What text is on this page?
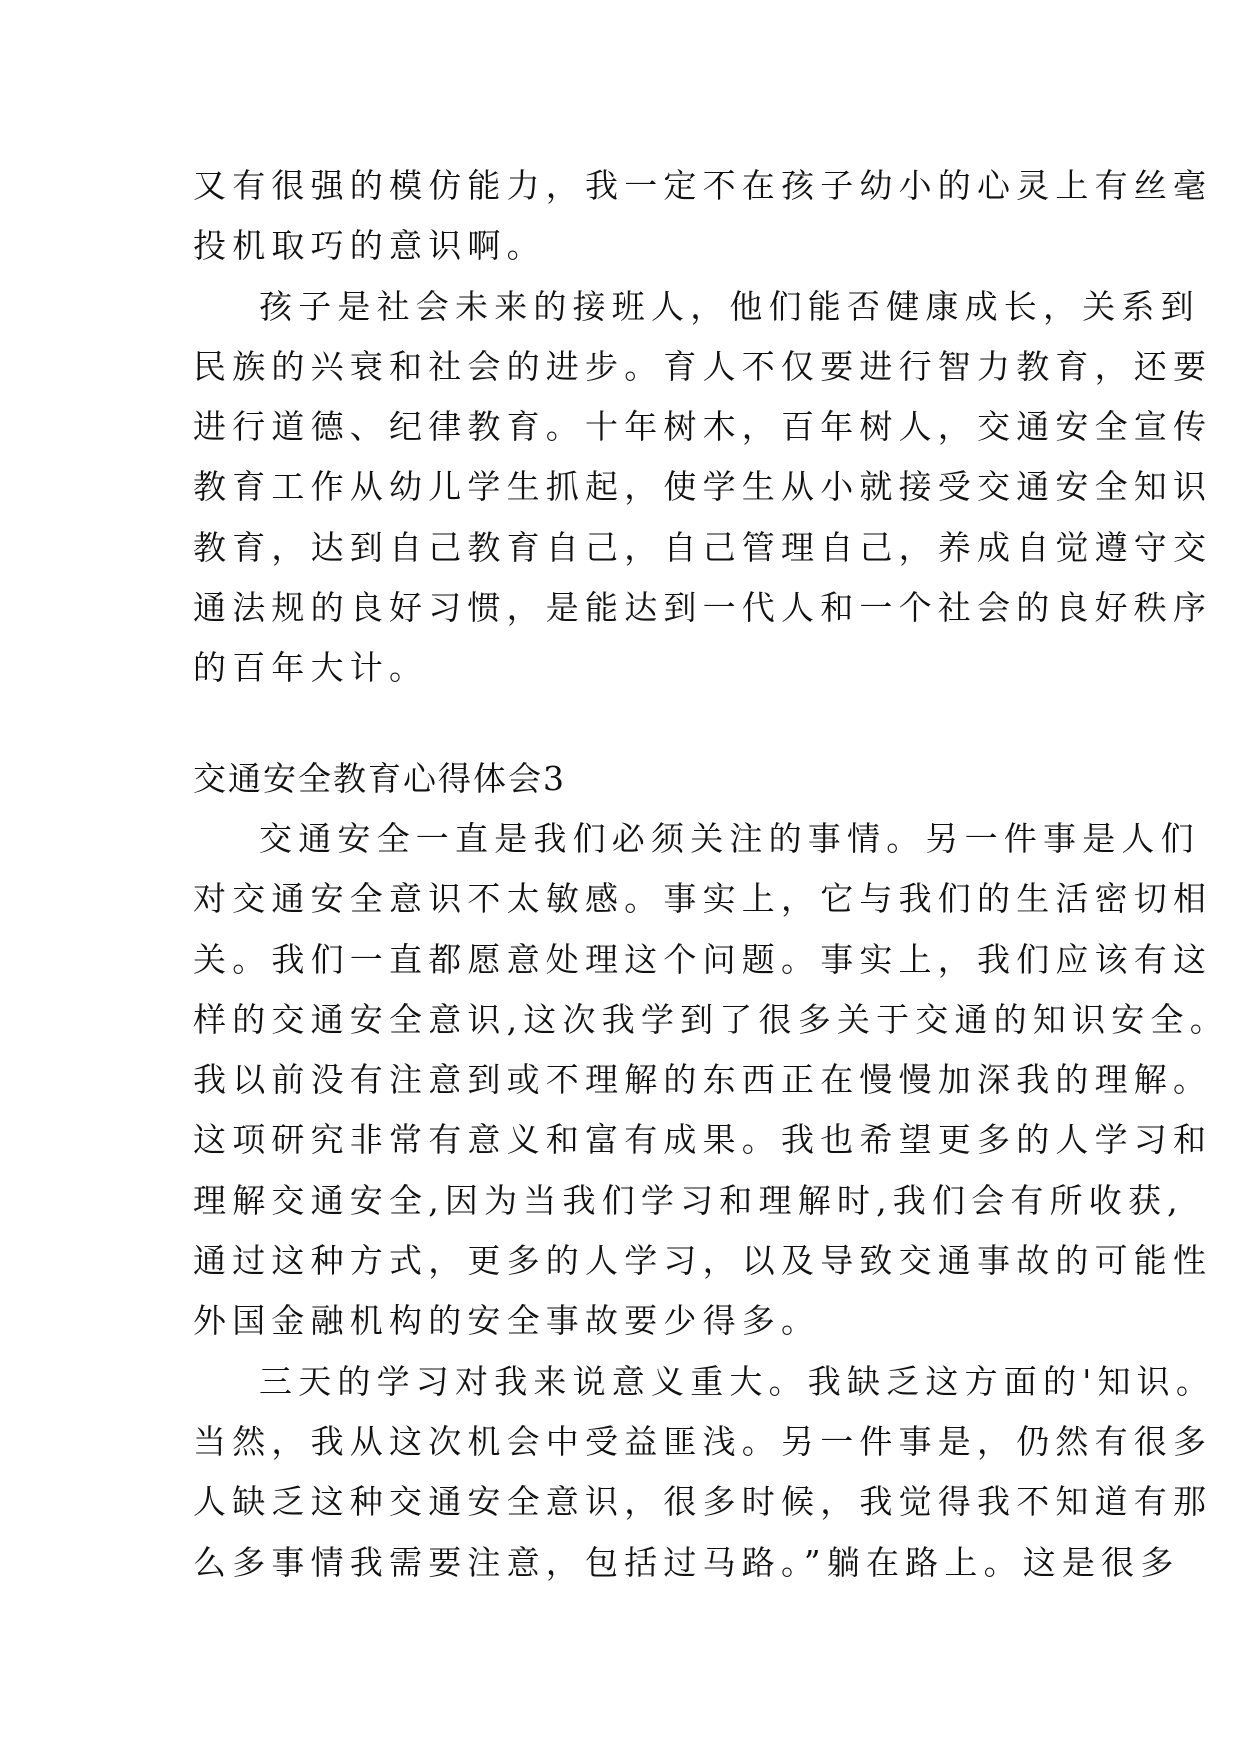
又有很强的模仿能力，我一定不在孩子幼小的心灵上有丝毫
投机取巧的意识啊。
孩子是社会未来的接班人，他们能否健康成长，关系到
民族的兴衰和社会的进步。育人不仅要进行智力教育，还要
进行道德、纪律教育。十年树木，百年树人，交通安全宣传
教育工作从幼儿学生抓起，使学生从小就接受交通安全知识
教育，达到自己教育自己，自己管理自己，养成自觉遵守交
通法规的良好习惯，是能达到一代人和一个社会的良好秩序
的百年大计。
交通安全教育心得体会3
交通安全一直是我们必须关注的事情。另一件事是人们
对交通安全意识不太敏感。事实上，它与我们的生活密切相
关。我们一直都愿意处理这个问题。事实上，我们应该有这
样的交通安全意识,这次我学到了很多关于交通的知识安全。
我以前没有注意到或不理解的东西正在慢慢加深我的理解。
这项研究非常有意义和富有成果。我也希望更多的人学习和
理解交通安全,因为当我们学习和理解时,我们会有所收获,
通过这种方式，更多的人学习，以及导致交通事故的可能性
外国金融机构的安全事故要少得多。
三天的学习对我来说意义重大。我缺乏这方面的'知识。
当然，我从这次机会中受益匪浅。另一件事是，仍然有很多
人缺乏这种交通安全意识，很多时候，我觉得我不知道有那
么多事情我需要注意，包括过马路。”躺在路上。这是很多
